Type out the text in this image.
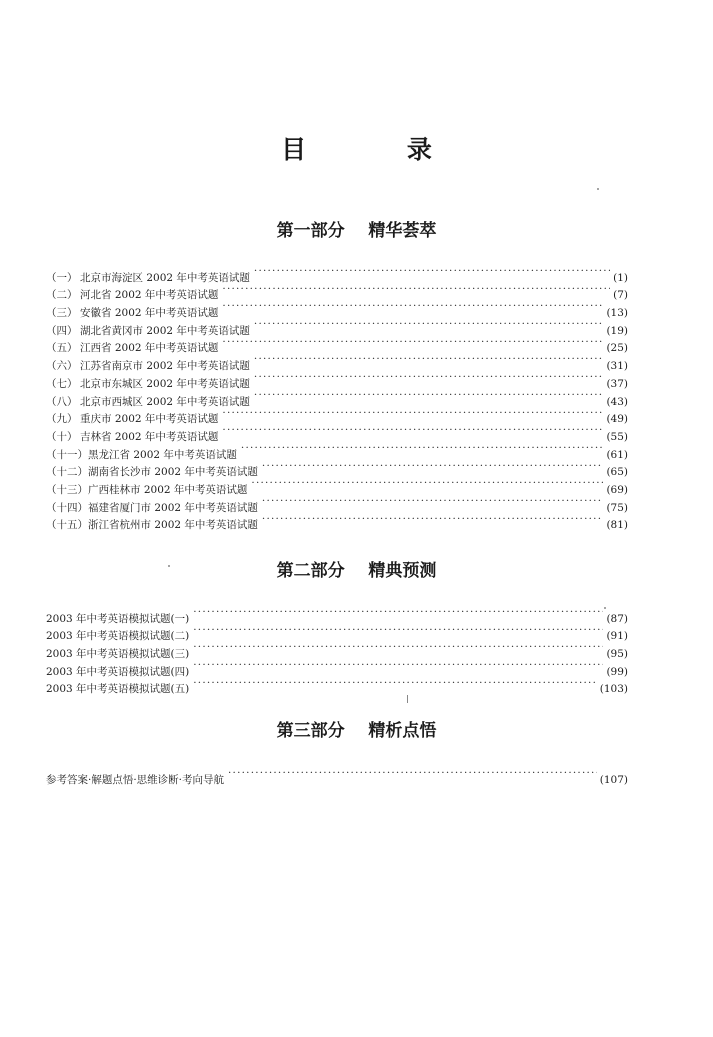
目 录
第一部分    精华荟萃
（一） 北京市海淀区 2002 年中考英语试题 ·····	(1)
（二） 河北省 2002 年中考英语试题 ·····	(7)
（三） 安徽省 2002 年中考英语试题 ·····	(13)
（四） 湖北省黄冈市 2002 年中考英语试题 ·····	(19)
（五） 江西省 2002 年中考英语试题 ·····	(25)
（六） 江苏省南京市 2002 年中考英语试题 ·····	(31)
（七） 北京市东城区 2002 年中考英语试题 ·····	(37)
（八） 北京市西城区 2002 年中考英语试题 ·····	(43)
（九） 重庆市 2002 年中考英语试题 ·····	(49)
（十） 吉林省 2002 年中考英语试题 ·····	(55)
（十一） 黑龙江省 2002 年中考英语试题 ·····	(61)
（十二） 湖南省长沙市 2002 年中考英语试题 ·····	(65)
（十三） 广西桂林市 2002 年中考英语试题 ·····	(69)
（十四） 福建省厦门市 2002 年中考英语试题 ·····	(75)
（十五） 浙江省杭州市 2002 年中考英语试题 ·····	(81)
第二部分    精典预测
2003 年中考英语模拟试题(一) ·····	(87)
2003 年中考英语模拟试题(二) ·····	(91)
2003 年中考英语模拟试题(三) ·····	(95)
2003 年中考英语模拟试题(四) ·····	(99)
2003 年中考英语模拟试题(五) ·····	(103)
第三部分    精析点悟
参考答案·解题点悟·思维诊断·考向导航 ·····	(107)
